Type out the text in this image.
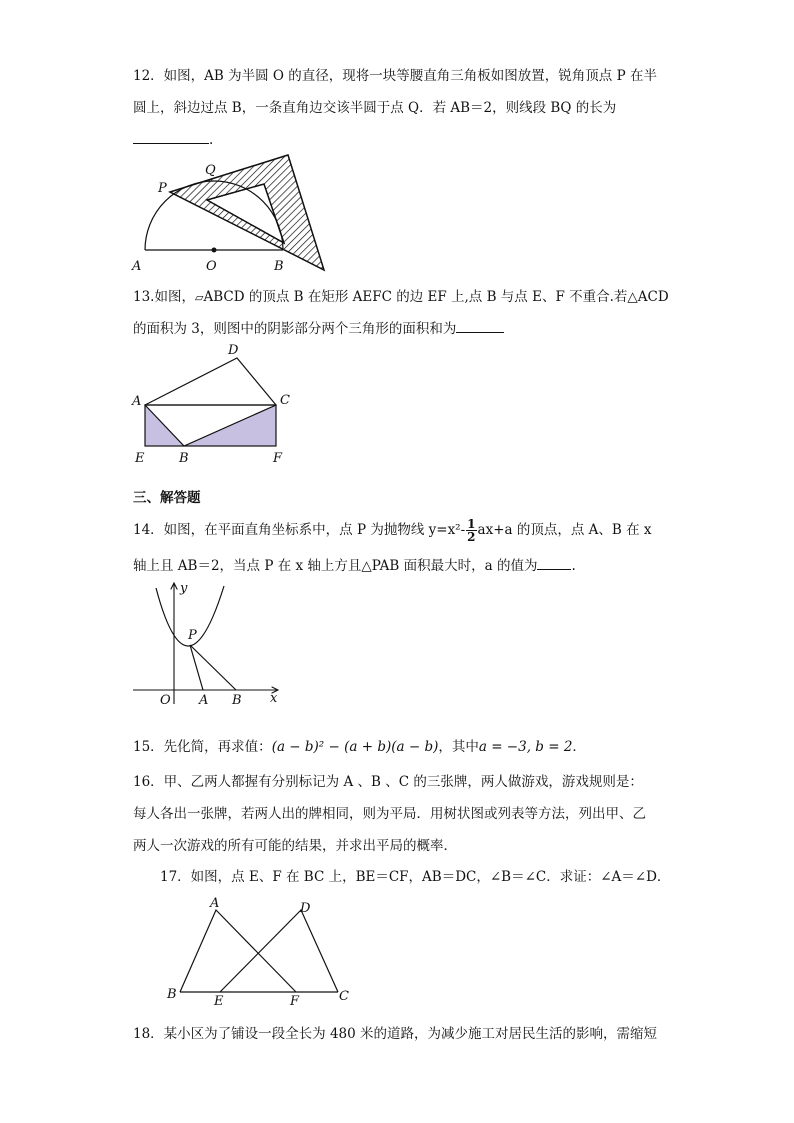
12．如图，AB 为半圆 O 的直径，现将一块等腰直角三角板如图放置，锐角顶点 P 在半
圆上，斜边过点 B，一条直角边交该半圆于点 Q．若 AB＝2，则线段 BQ 的长为
.
A	O	B
P
Q
13.如图，▱ABCD 的顶点 B 在矩形 AEFC 的边 EF 上,点 B 与点 E、F 不重合.若△ACD
的面积为 3，则图中的阴影部分两个三角形的面积和为
D
A	C
E	B	F
三、解答题
14．如图，在平面直角坐标系中，点 P 为抛物线 $y=x^2- \frac{1}{2} ax+a$ 的顶点，点 A、B 在 x
轴上且 AB＝2，当点 P 在 x 轴上方且△PAB 面积最大时，a 的值为	.
y
P
O A B x
15．先化简，再求值：(a − b)² − (a + b)(a − b)，其中a = −3, b = 2．
16．甲、乙两人都握有分别标记为 A 、B 、C 的三张牌，两人做游戏，游戏规则是：
每人各出一张牌，若两人出的牌相同，则为平局．用树状图或列表等方法，列出甲、乙
两人一次游戏的所有可能的结果，并求出平局的概率．
17．如图，点 E、F 在 BC 上，BE＝CF，AB＝DC，∠B＝∠C．求证：∠A＝∠D．
A	D
B	E	F	C
18．某小区为了铺设一段全长为 480 米的道路，为减少施工对居民生活的影响，需缩短
